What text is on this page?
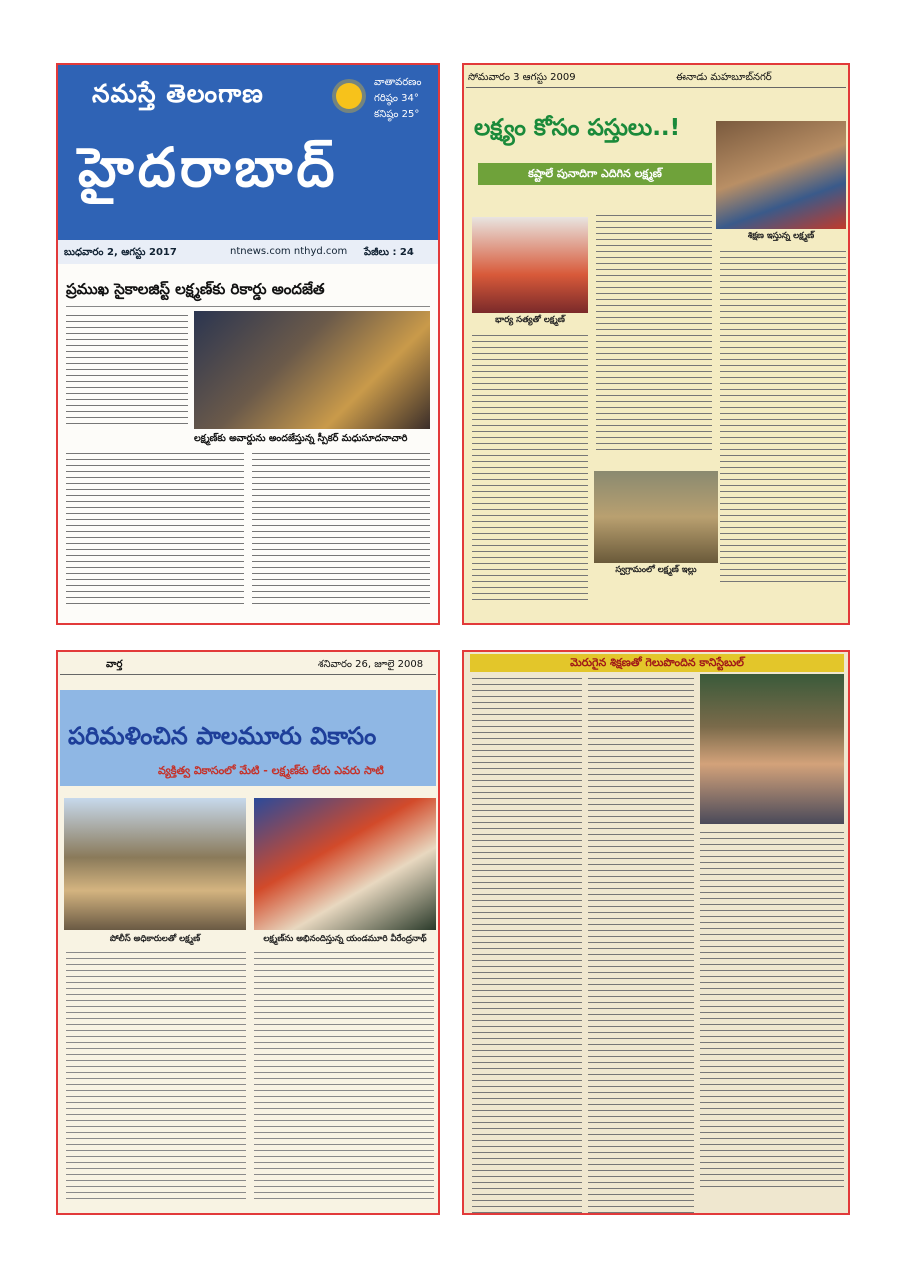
నమస్తే తెలంగాణ	వాతావరణం
గరిష్ఠం 34°
కనిష్ఠం 25°
హైదరాబాద్
బుధవారం 2, ఆగస్టు 2017	ntnews.com nthyd.com పేజీలు : 24
ప్రముఖ సైకాలజిస్ట్ లక్ష్మణ్‌కు రికార్డు అందజేత
లక్ష్మణ్‌కు అవార్డును అందజేస్తున్న స్పీకర్ మధుసూదనాచారి
సోమవారం 3 ఆగస్టు 2009	ఈనాడు మహబూబ్‌నగర్
లక్ష్యం కోసం పస్తులు..!
కష్టాలే పునాదిగా ఎదిగిన లక్ష్మణ్
శిక్షణ ఇస్తున్న లక్ష్మణ్
భార్య సత్యతో లక్ష్మణ్
స్వగ్రామంలో లక్ష్మణ్ ఇల్లు
వార్త	శనివారం 26, జూలై 2008
పరిమళించిన పాలమూరు వికాసం
వ్యక్తిత్వ వికాసంలో మేటి - లక్ష్మణ్‌కు లేరు ఎవరు సాటి
పోలీస్ అధికారులతో లక్ష్మణ్	లక్ష్మణ్‌ను అభినందిస్తున్న యండమూరి వీరేంద్రనాథ్
మెరుగైన శిక్షణతో గెలుపొందిన కానిస్టేబుల్
